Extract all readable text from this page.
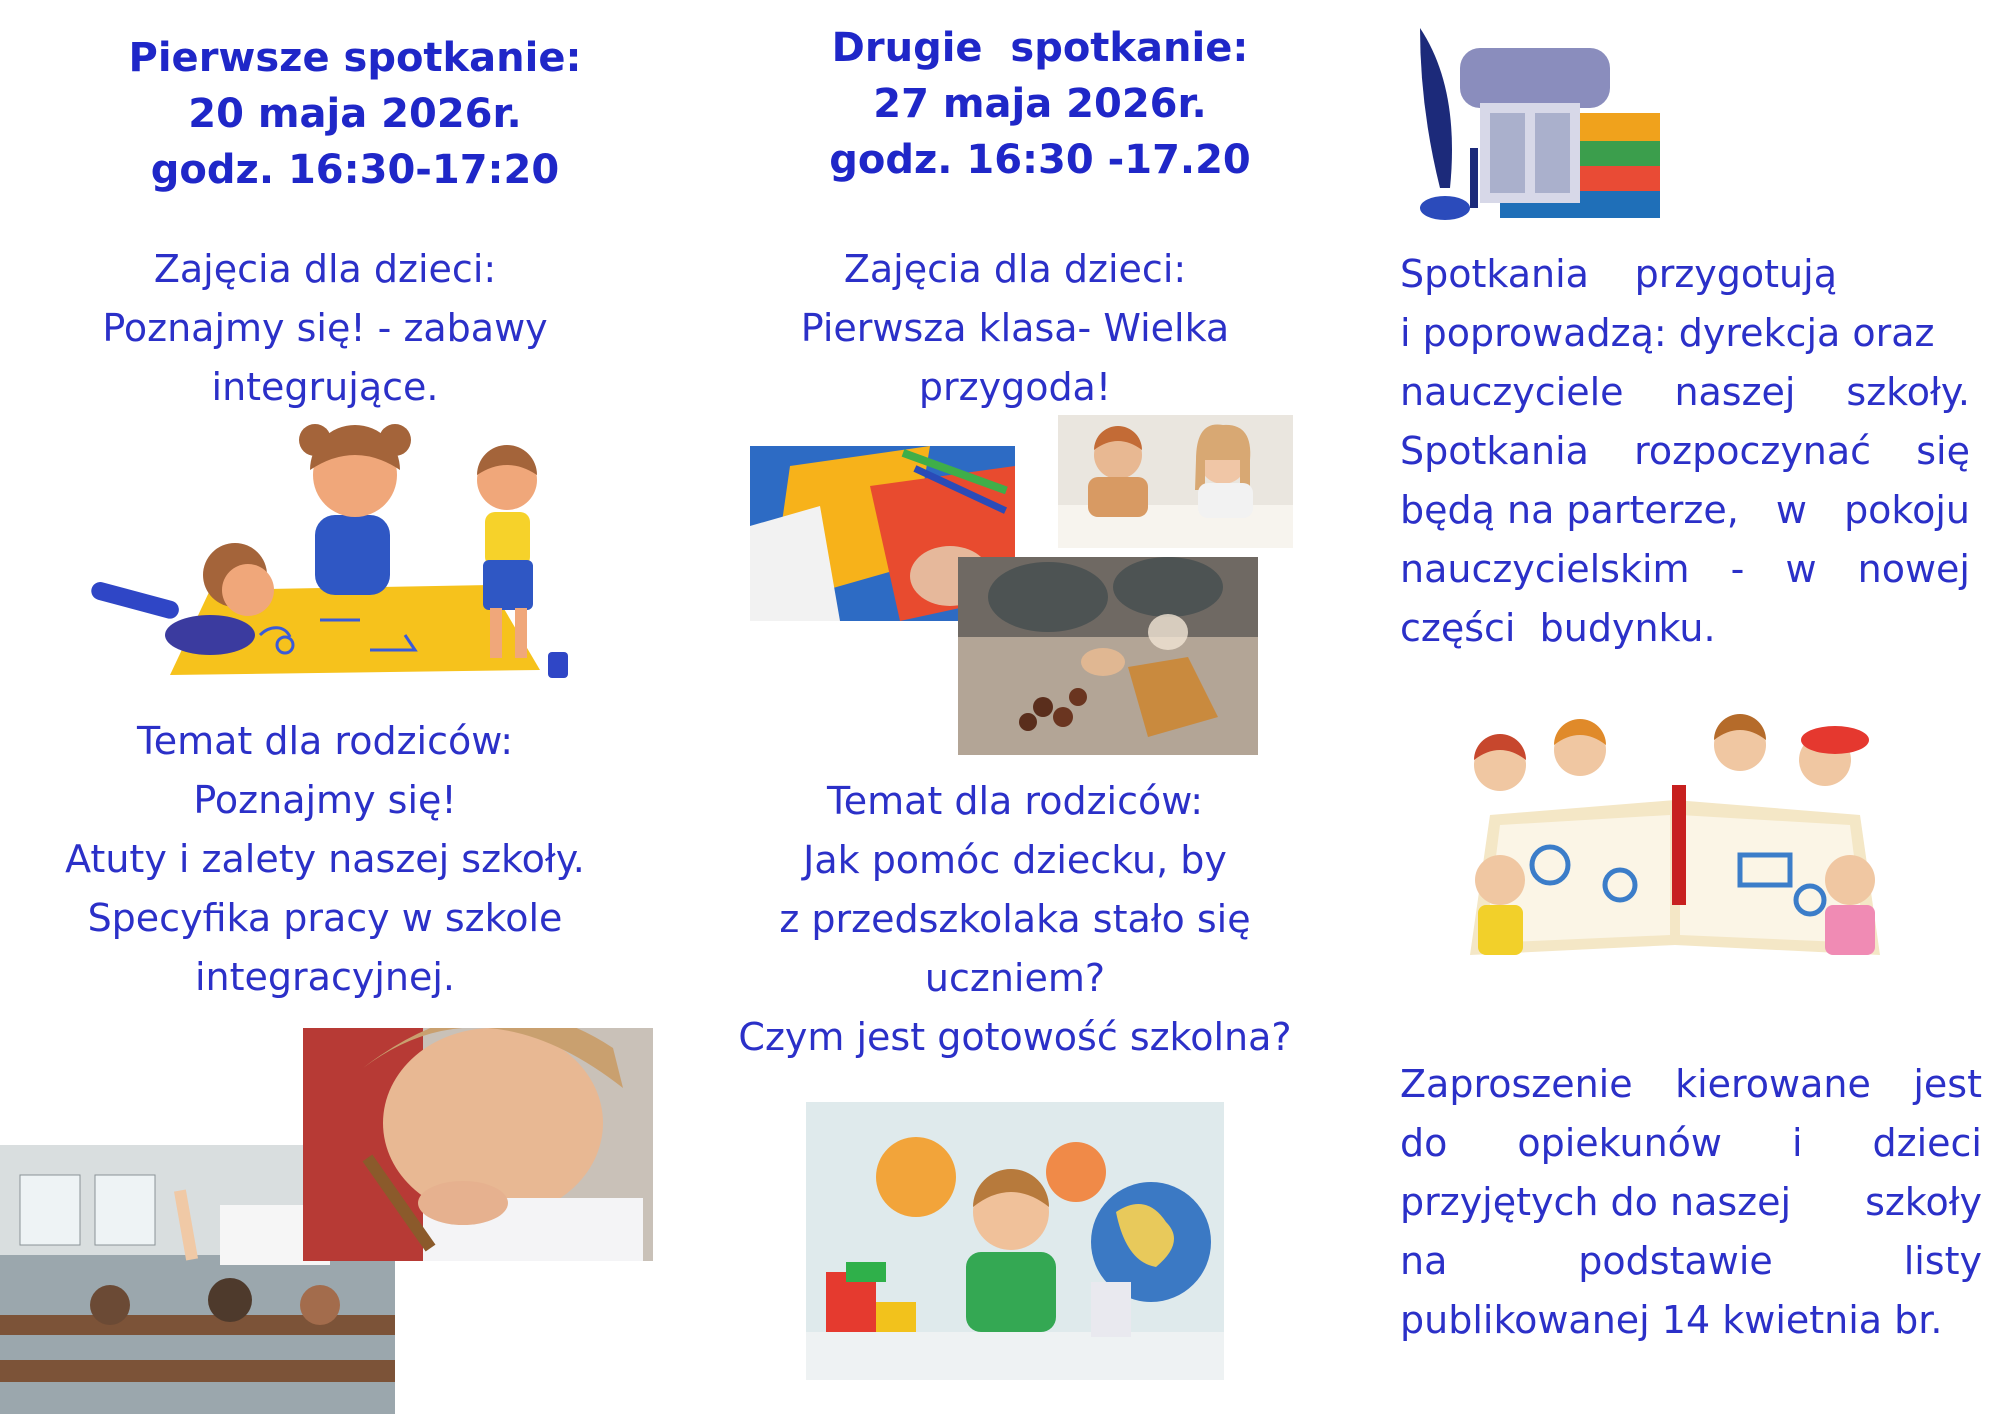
Pierwsze spotkanie:
20 maja 2026r.
godz. 16:30-17:20
Zajęcia dla dzieci:
Poznajmy się! - zabawy
integrujące.
Temat dla rodziców:
Poznajmy się!
Atuty i zalety naszej szkoły.
Specyfika pracy w szkole
integracyjnej.
Drugie  spotkanie:
27 maja 2026r.
godz. 16:30 -17.20
Zajęcia dla dzieci:
Pierwsza klasa- Wielka
przygoda!
Temat dla rodziców:
Jak pomóc dziecku, by
z przedszkolaka stało się
uczniem?
Czym jest gotowość szkolna?
Spotkania przygotują
i poprowadzą: dyrekcja oraz
nauczyciele naszej szkoły.
Spotkania rozpoczynać się
będą na parterze, w pokoju
nauczycielskim - w nowej
części  budynku.
Zaproszenie kierowane jest
do opiekunów i dzieci
przyjętych do naszej szkoły
na	podstawie	listy
publikowanej 14 kwietnia br.
